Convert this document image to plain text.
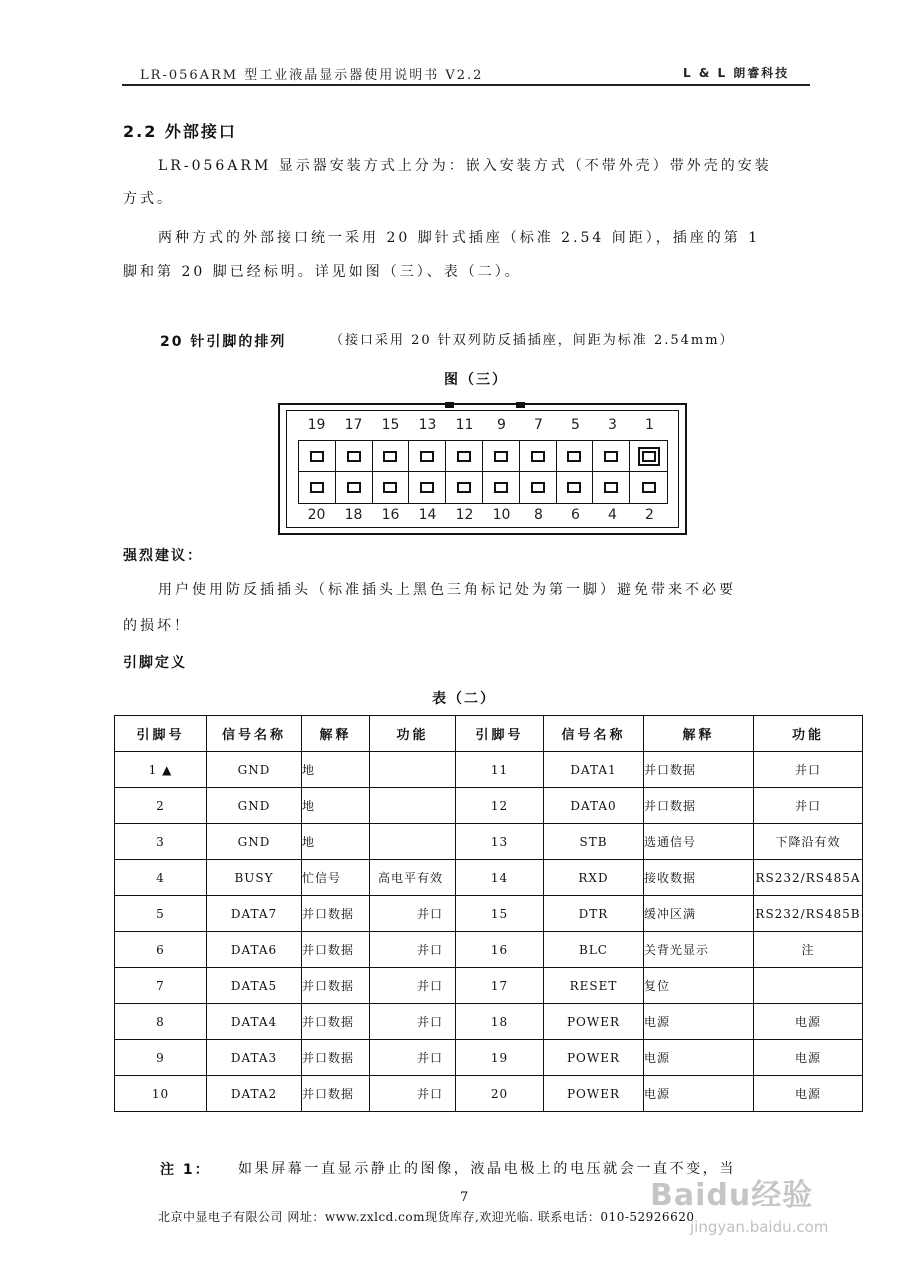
LR-056ARM 型工业液晶显示器使用说明书 V2.2	L & L 朗睿科技
2.2 外部接口
LR-056ARM 显示器安装方式上分为：嵌入安装方式（不带外壳）带外壳的安装
方式。
两种方式的外部接口统一采用 20 脚针式插座（标准 2.54 间距），插座的第 1
脚和第 20 脚已经标明。详见如图（三）、表（二）。
20 针引脚的排列	（接口采用 20 针双列防反插插座，间距为标准 2.54mm）
图（三）
19	17	15	13	11	9	7	5	3	1
20	18	16	14	12	10	8	6	4	2
强烈建议：
用户使用防反插插头（标准插头上黑色三角标记处为第一脚）避免带来不必要
的损坏！
引脚定义
表（二）
引脚号	信号名称	解释	功能	引脚号	信号名称	解释	功能
1 ▲	GND	地		11	DATA1	并口数据	并口
2	GND	地		12	DATA0	并口数据	并口
3	GND	地		13	STB	选通信号	下降沿有效
4	BUSY	忙信号	高电平有效	14	RXD	接收数据	RS232/RS485A
5	DATA7	并口数据	并口	15	DTR	缓冲区满	RS232/RS485B
6	DATA6	并口数据	并口	16	BLC	关背光显示	注
7	DATA5	并口数据	并口	17	RESET	复位	
8	DATA4	并口数据	并口	18	POWER	电源	电源
9	DATA3	并口数据	并口	19	POWER	电源	电源
10	DATA2	并口数据	并口	20	POWER	电源	电源
注 1： 如果屏幕一直显示静止的图像，液晶电极上的电压就会一直不变，当
7
北京中显电子有限公司 网址：www.zxlcd.com现货库存,欢迎光临. 联系电话：010-52926620
Baidu经验
jingyan.baidu.com
